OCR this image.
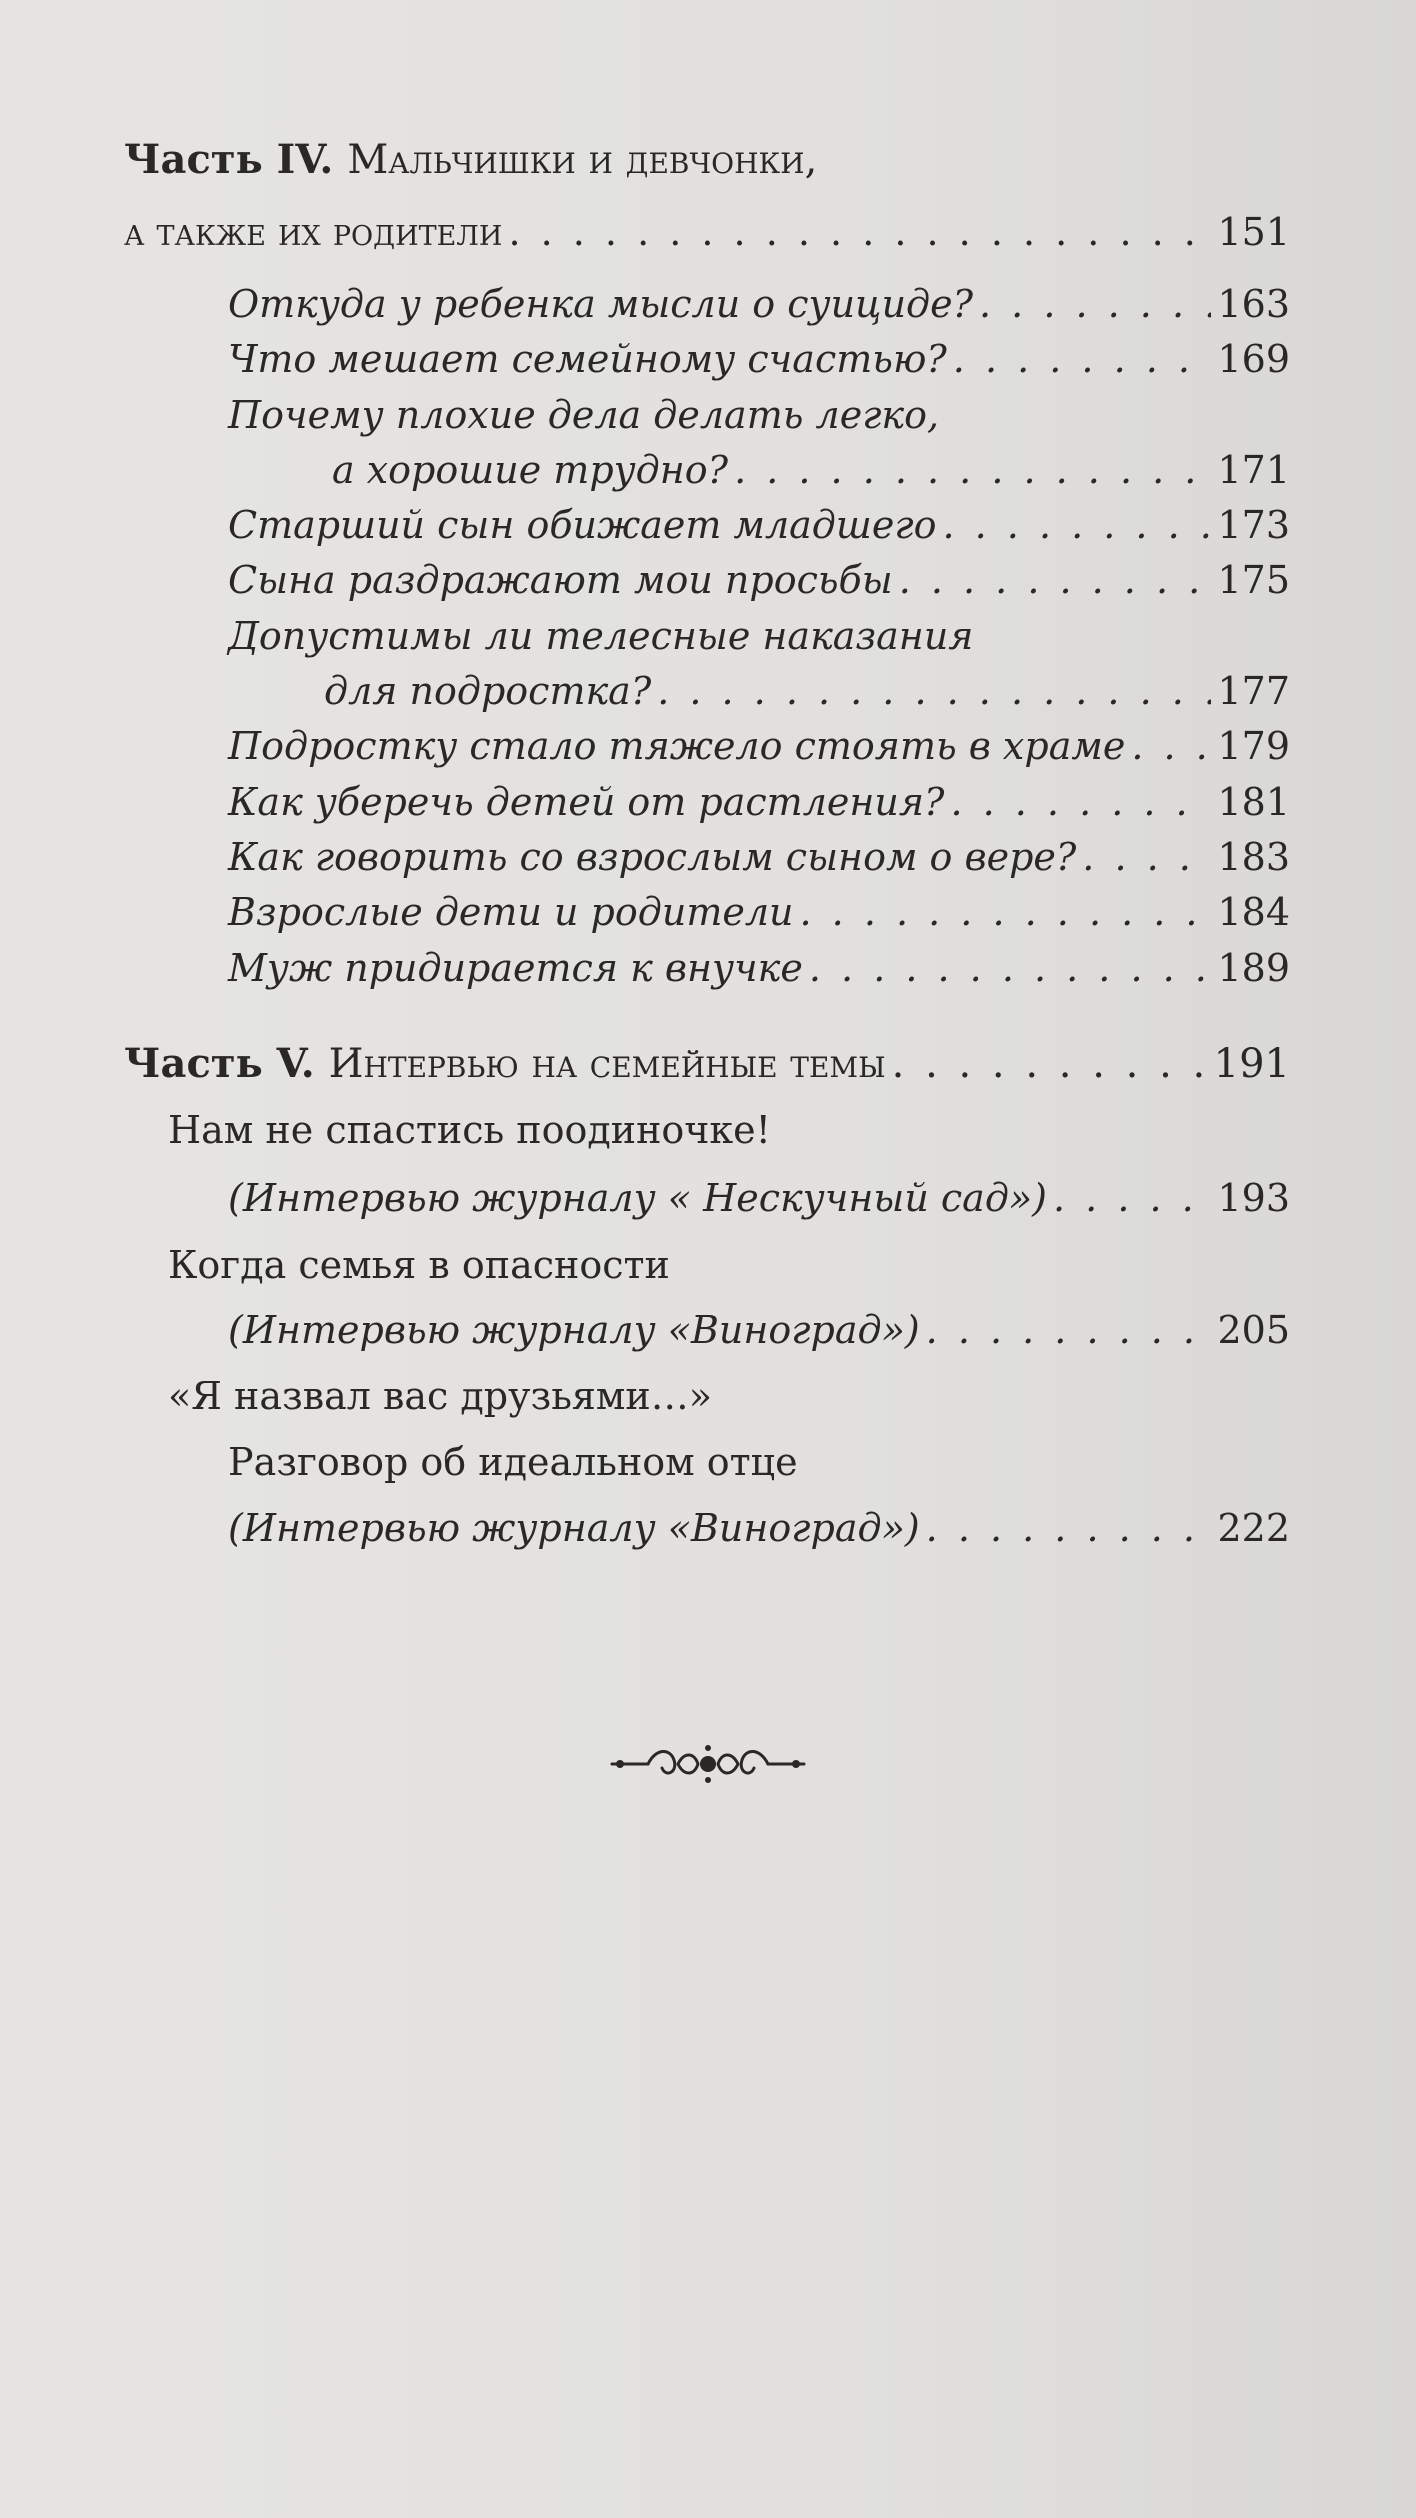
Часть IV. Мальчишки и девчонки,
а также их родители . . .	151
Откуда у ребенка мысли о суициде? . . .	163
Что мешает семейному счастью? . . .	169
Почему плохие дела делать легко,
а хорошие трудно? . . .	171
Старший сын обижает младшего . . .	173
Сына раздражают мои просьбы . . .	175
Допустимы ли телесные наказания
для подростка? . . .	177
Подростку стало тяжело стоять в храме . . . 179
Как уберечь детей от растления? . . .	181
Как говорить со взрослым сыном о вере? . . .	183
Взрослые дети и родители . . .	184
Муж придирается к внучке . . .	189
Часть V. Интервью на семейные темы . . .	191
Нам не спастись поодиночке!
(Интервью журналу « Нескучный сад») . . .	193
Когда семья в опасности
(Интервью журналу «Виноград») . . .	205
«Я назвал вас друзьями…»
Разговор об идеальном отце
(Интервью журналу «Виноград») . . .	222
